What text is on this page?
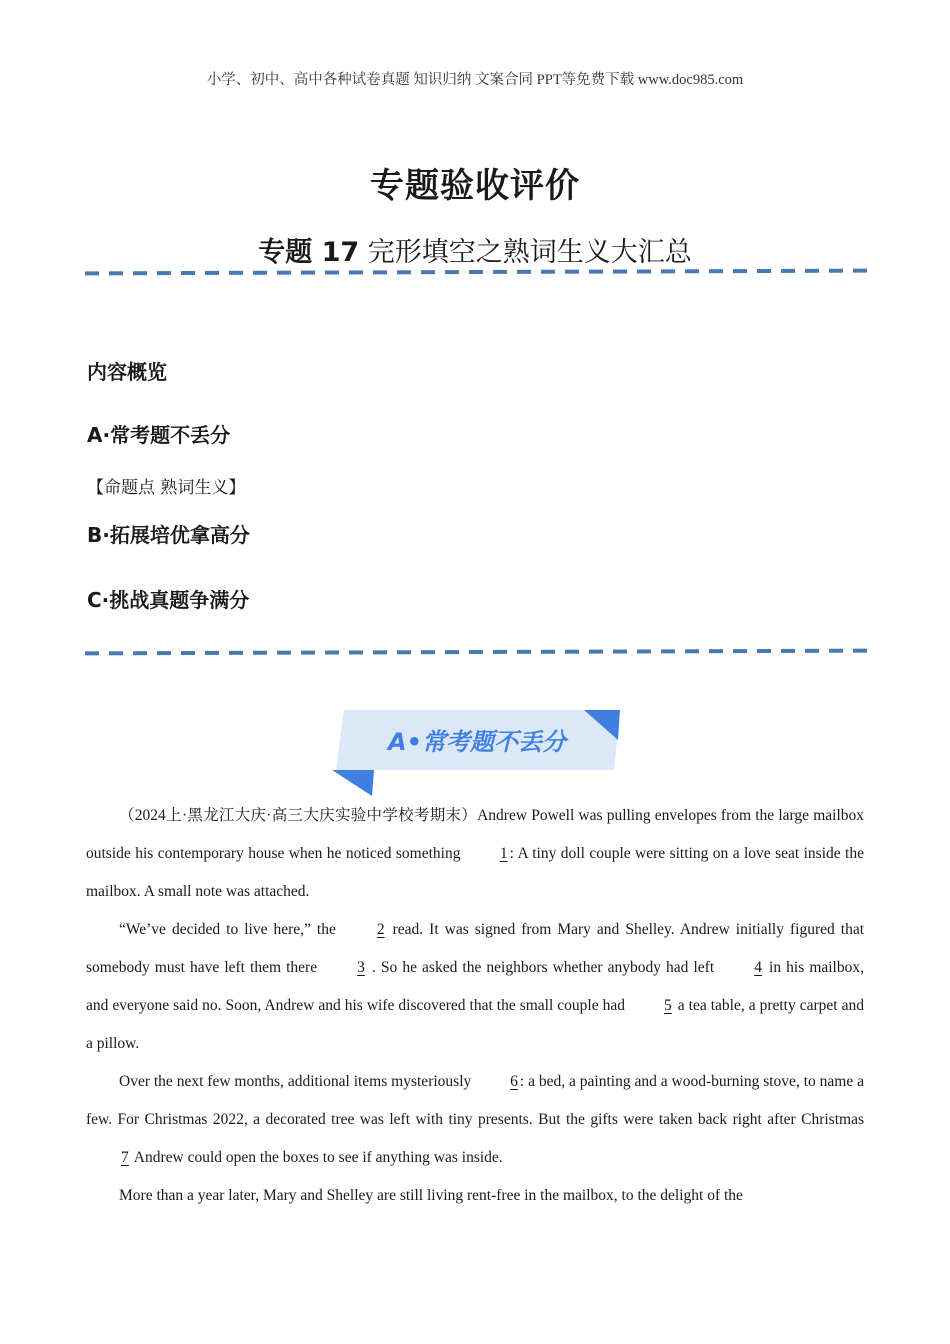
小学、初中、高中各种试卷真题 知识归纳 文案合同 PPT等免费下载 www.doc985.com
专题验收评价
专题 17 完形填空之熟词生义大汇总
内容概览
A·常考题不丢分
【命题点 熟词生义】
B·拓展培优拿高分
C·挑战真题争满分
A•常考题不丢分

（2024上·黑龙江大庆·高三大庆实验中学校考期末）Andrew Powell was pulling envelopes from the large mailbox outside his contemporary house when he noticed something 1 : A tiny doll couple were sitting on a love seat inside the mailbox. A small note was attached.

“We’ve decided to live here,” the 2 read. It was signed from Mary and Shelley. Andrew initially figured that somebody must have left them there 3 . So he asked the neighbors whether anybody had left 4 in his mailbox, and everyone said no. Soon, Andrew and his wife discovered that the small couple had 5 a tea table, a pretty carpet and a pillow.

Over the next few months, additional items mysteriously 6 : a bed, a painting and a wood-burning stove, to name a few. For Christmas 2022, a decorated tree was left with tiny presents. But the gifts were taken back right after Christmas 7 Andrew could open the boxes to see if anything was inside.

More than a year later, Mary and Shelley are still living rent-free in the mailbox, to the delight of the
